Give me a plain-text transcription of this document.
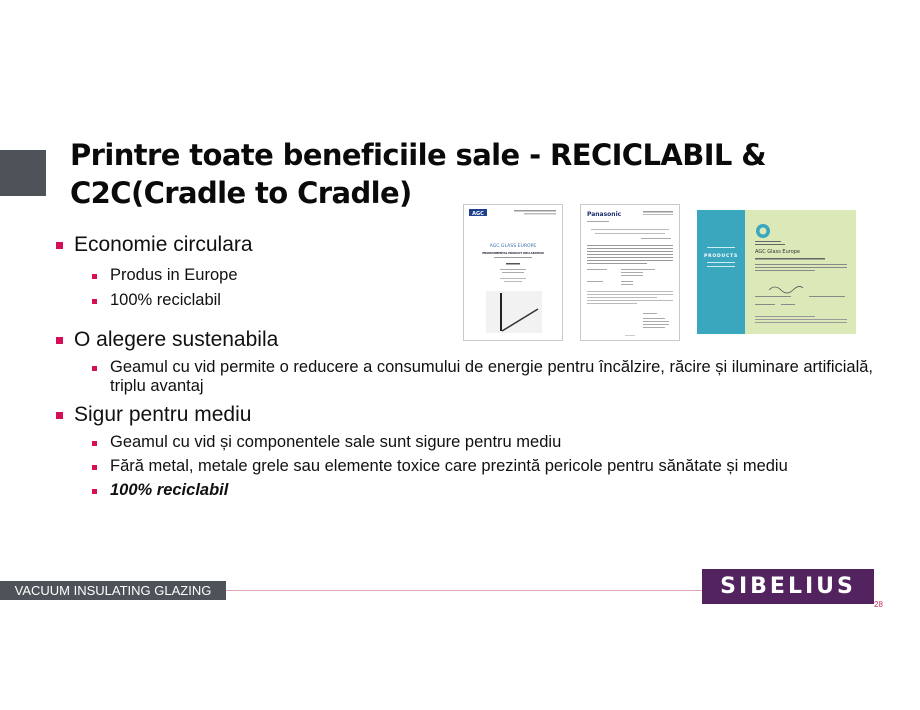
Printre toate beneficiile sale - RECICLABIL & C2C(Cradle to Cradle)
AGC
AGC GLASS EUROPE
ENVIRONMENTAL PRODUCT DECLARATION
Panasonic
PRODUCTS
AGC Glass Europe

Economie circulara

Produs in Europe

100% reciclabil

O alegere sustenabila

Geamul cu vid permite o reducere a consumului de energie pentru încălzire, răcire și iluminare artificială, triplu avantaj

Sigur pentru mediu

Geamul cu vid și componentele sale sunt sigure pentru mediu

Fără metal, metale grele sau elemente toxice care prezintă pericole pentru sănătate și mediu

100% reciclabil

VACUUM INSULATING GLAZING	SIBELIUS
28
